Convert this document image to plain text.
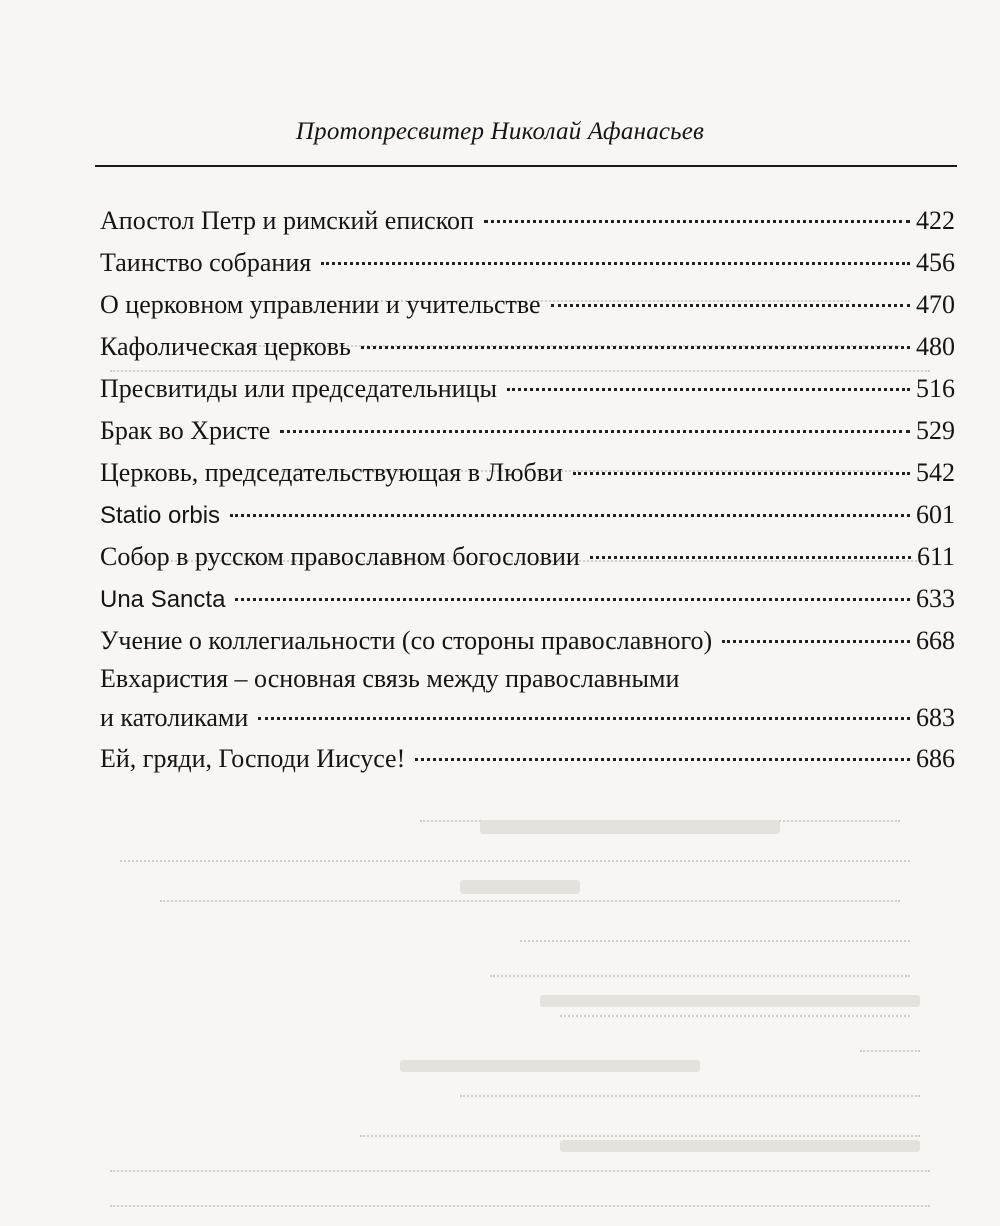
Протопресвитер Николай Афанасьев
Апостол Петр и римский епископ	422
Таинство собрания	456
О церковном управлении и учительстве	470
Кафолическая церковь	480
Пресвитиды или председательницы	516
Брак во Христе	529
Церковь, председательствующая в Любви	542
Statio orbis	601
Собор в русском православном богословии	611
Una Sancta	633
Учение о коллегиальности (со стороны православного)	668
Евхаристия – основная связь между православными
и католиками	683
Ей, гряди, Господи Иисусе!	686
